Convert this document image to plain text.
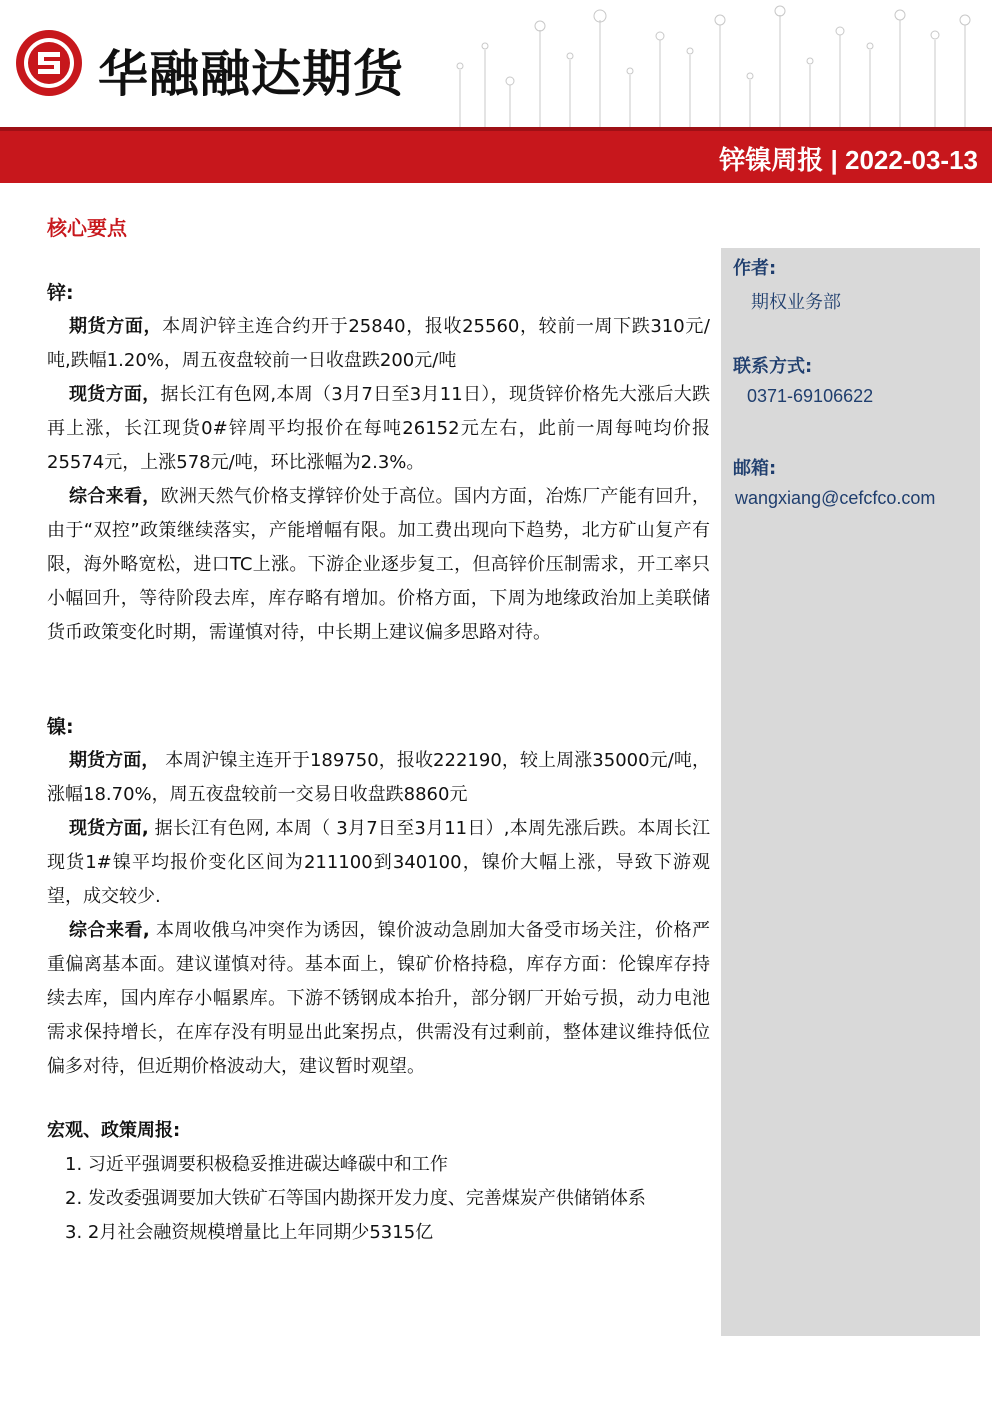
华融融达期货
锌镍周报 | 2022-03-13
核心要点
作者:
期权业务部
联系方式:
0371-69106622
邮箱:
wangxiang@cefcfco.com
锌:

期货方面，本周沪锌主连合约开于25840，报收25560，较前一周下跌310元/吨,跌幅1.20%，周五夜盘较前一日收盘跌200元/吨

现货方面，据长江有色网,本周（3月7日至3月11日），现货锌价格先大涨后大跌再上涨，长江现货0#锌周平均报价在每吨26152元左右，此前一周每吨均价报25574元，上涨578元/吨，环比涨幅为2.3%。

综合来看，欧洲天然气价格支撑锌价处于高位。国内方面，冶炼厂产能有回升，由于“双控”政策继续落实，产能增幅有限。加工费出现向下趋势，北方矿山复产有限，海外略宽松，进口TC上涨。下游企业逐步复工，但高锌价压制需求，开工率只小幅回升，等待阶段去库，库存略有增加。价格方面，下周为地缘政治加上美联储货币政策变化时期，需谨慎对待，中长期上建议偏多思路对待。

镍:

期货方面， 本周沪镍主连开于189750，报收222190，较上周涨35000元/吨，涨幅18.70%，周五夜盘较前一交易日收盘跌8860元

现货方面, 据长江有色网, 本周（ 3月7日至3月11日）,本周先涨后跌。本周长江现货1#镍平均报价变化区间为211100到340100，镍价大幅上涨，导致下游观望，成交较少.

综合来看, 本周收俄乌冲突作为诱因，镍价波动急剧加大备受市场关注，价格严重偏离基本面。建议谨慎对待。基本面上，镍矿价格持稳，库存方面：伦镍库存持续去库，国内库存小幅累库。下游不锈钢成本抬升，部分钢厂开始亏损，动力电池需求保持增长，在库存没有明显出此案拐点，供需没有过剩前，整体建议维持低位偏多对待，但近期价格波动大，建议暂时观望。

宏观、政策周报:
1. 习近平强调要积极稳妥推进碳达峰碳中和工作
2. 发改委强调要加大铁矿石等国内勘探开发力度、完善煤炭产供储销体系
3. 2月社会融资规模增量比上年同期少5315亿
